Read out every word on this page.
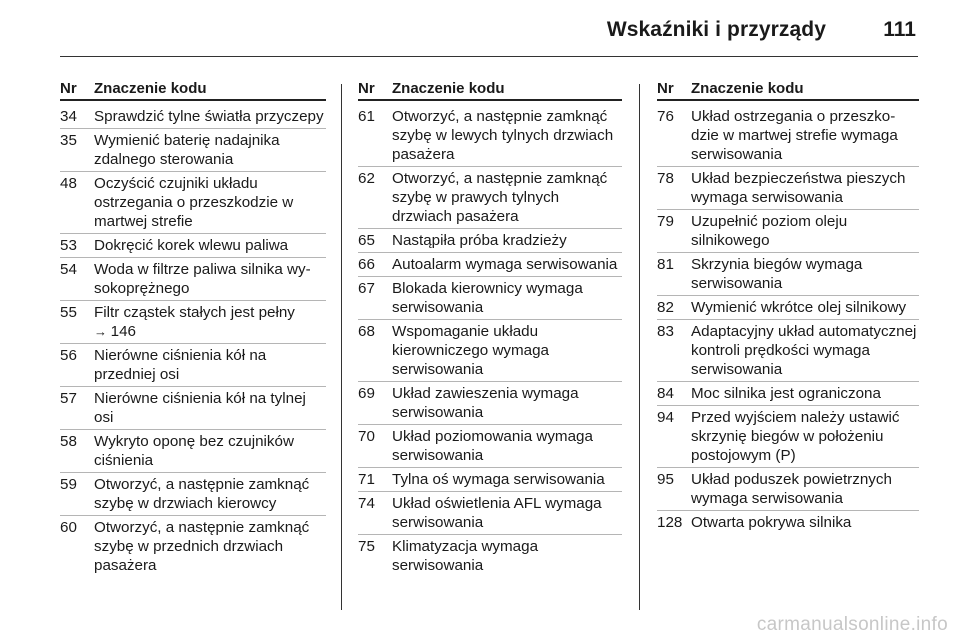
Wskaźniki i przyrządy	111
Nr Znaczenie kodu
34 Sprawdzić tylne światła przyczepy
35 Wymienić baterię nadajnika zdalnego sterowania
48 Oczyścić czujniki układu ostrzegania o przeszkodzie w martwej strefie
53 Dokręcić korek wlewu paliwa
54 Woda w filtrze paliwa silnika wy-sokoprężnego
55 Filtr cząstek stałych jest pełny
→ 146
56 Nierówne ciśnienia kół na przedniej osi
57 Nierówne ciśnienia kół na tylnej osi
58 Wykryto oponę bez czujników ciśnienia
59 Otworzyć, a następnie zamknąć szybę w drzwiach kierowcy
60 Otworzyć, a następnie zamknąć szybę w przednich drzwiach pasażera
Nr Znaczenie kodu
61 Otworzyć, a następnie zamknąć szybę w lewych tylnych drzwiach pasażera
62 Otworzyć, a następnie zamknąć szybę w prawych tylnych drzwiach pasażera
65 Nastąpiła próba kradzieży
66 Autoalarm wymaga serwisowania
67 Blokada kierownicy wymaga serwisowania
68 Wspomaganie układu kierowniczego wymaga serwisowania
69 Układ zawieszenia wymaga serwisowania
70 Układ poziomowania wymaga serwisowania
71 Tylna oś wymaga serwisowania
74 Układ oświetlenia AFL wymaga serwisowania
75 Klimatyzacja wymaga serwisowania
Nr Znaczenie kodu
76 Układ ostrzegania o przeszko-dzie w martwej strefie wymaga serwisowania
78 Układ bezpieczeństwa pieszych wymaga serwisowania
79 Uzupełnić poziom oleju silnikowego
81 Skrzynia biegów wymaga serwisowania
82 Wymienić wkrótce olej silnikowy
83 Adaptacyjny układ automatycznej kontroli prędkości wymaga serwisowania
84 Moc silnika jest ograniczona
94 Przed wyjściem należy ustawić skrzynię biegów w położeniu postojowym (P)
95 Układ poduszek powietrznych wymaga serwisowania
128 Otwarta pokrywa silnika
carmanualsonline.info
